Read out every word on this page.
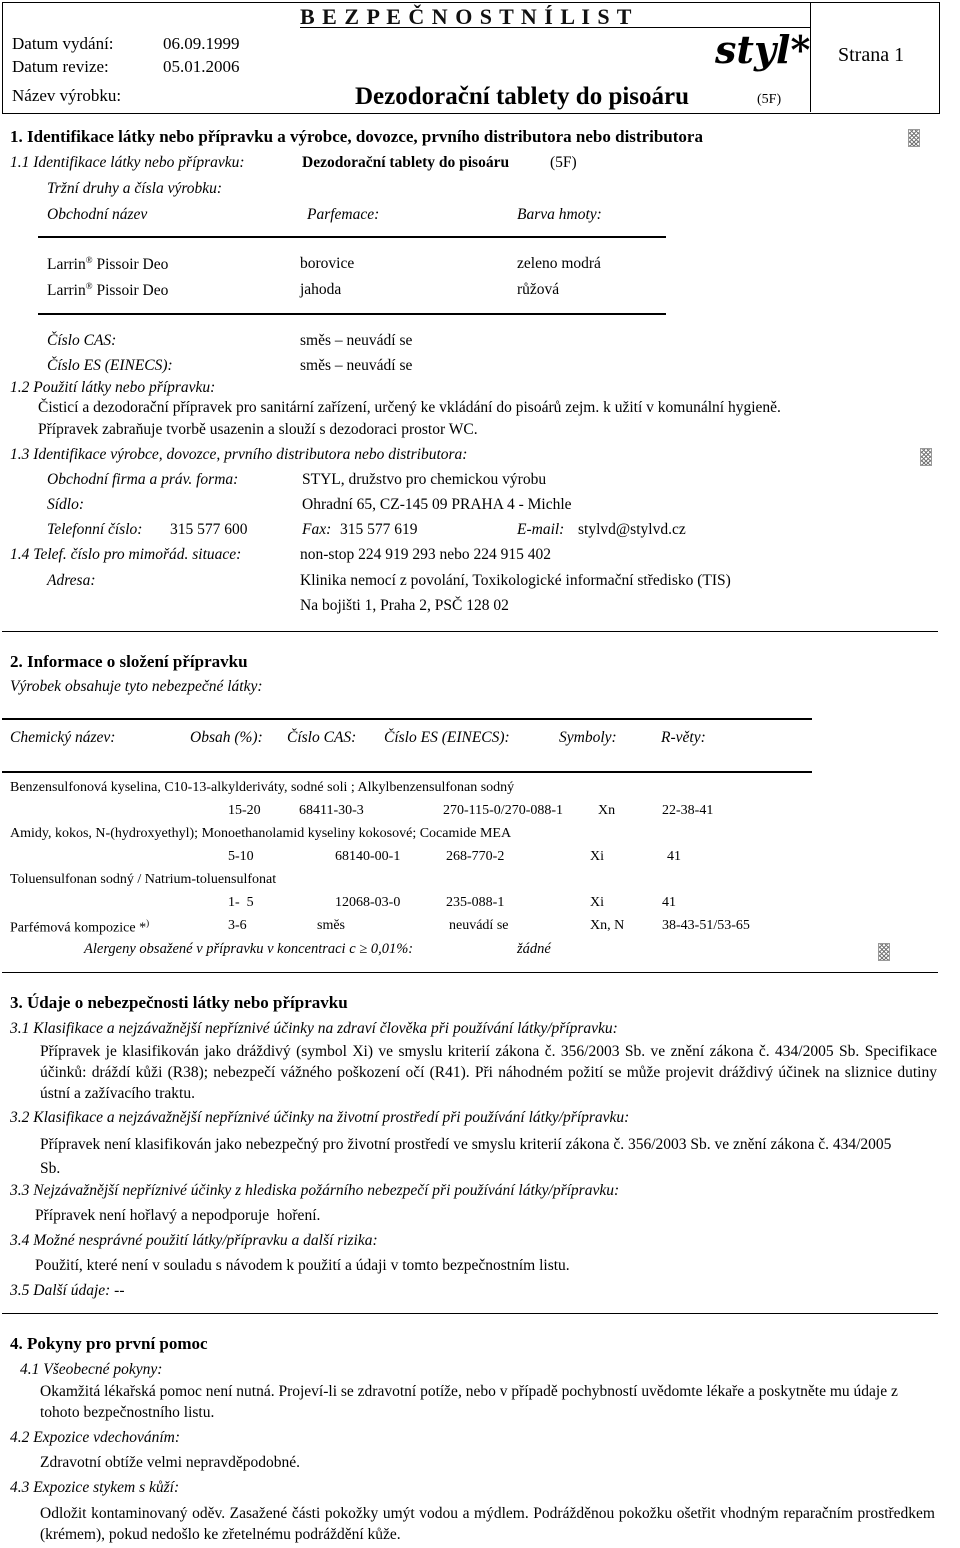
B E Z P E Č N O S T N Í L I S T
Datum vydání:	06.09.1999
Datum revize:	05.01.2006	styl* Strana 1
Název výrobku:	Dezodorační tablety do pisoáru	(5F)
1. Identifikace látky nebo přípravku a výrobce, dovozce, prvního distributora nebo distributora
1.1 Identifikace látky nebo přípravku:	Dezodorační tablety do pisoáru	(5F)
Tržní druhy a čísla výrobku:
Obchodní název	Parfemace:	Barva hmoty:
Larrin® Pissoir Deo	borovice	zeleno modrá
Larrin® Pissoir Deo	jahoda	růžová
Číslo CAS:	směs – neuvádí se
Číslo ES (EINECS):	směs – neuvádí se
1.2 Použití látky nebo přípravku:
Čisticí a dezodorační přípravek pro sanitární zařízení, určený ke vkládání do pisoárů zejm. k užití v komunální hygieně.
Přípravek zabraňuje tvorbě usazenin a slouží s dezodoraci prostor WC.
1.3 Identifikace výrobce, dovozce, prvního distributora nebo distributora:
Obchodní firma a práv. forma:	STYL, družstvo pro chemickou výrobu
Sídlo:	Ohradní 65, CZ-145 09 PRAHA 4 - Michle
Telefonní číslo: 315 577 600	Fax: 315 577 619	E-mail: stylvd@stylvd.cz
1.4 Telef. číslo pro mimořád. situace:	non-stop 224 919 293 nebo 224 915 402
Adresa:	Klinika nemocí z povolání, Toxikologické informační středisko (TIS)
Na bojišti 1, Praha 2, PSČ 128 02
2. Informace o složení přípravku
Výrobek obsahuje tyto nebezpečné látky:
Chemický název:	Obsah (%): Číslo CAS: Číslo ES (EINECS):	Symboly:	R-věty:
Benzensulfonová kyselina, C10-13-alkylderiváty, sodné soli ; Alkylbenzensulfonan sodný
15-20	68411-30-3	270-115-0/270-088-1 Xn	22-38-41
Amidy, kokos, N-(hydroxyethyl); Monoethanolamid kyseliny kokosové; Cocamide MEA
5-10	68140-00-1	268-770-2	Xi	41
Toluensulfonan sodný / Natrium-toluensulfonat
1-  5	12068-03-0	235-088-1	Xi	41
Parfémová kompozice *)	3-6	směs	neuvádí se	Xn, N	38-43-51/53-65
Alergeny obsažené v přípravku v koncentraci c ≥ 0,01%:	žádné
3. Údaje o nebezpečnosti látky nebo přípravku
3.1 Klasifikace a nejzávažnější nepříznivé účinky na zdraví člověka při používání látky/přípravku:
Přípravek je klasifikován jako dráždivý (symbol Xi) ve smyslu kriterií zákona č. 356/2003 Sb. ve znění zákona č. 434/2005 Sb. Specifikace účinků: dráždí kůži (R38); nebezpečí vážného poškození očí (R41). Při náhodném požití se může projevit dráždivý účinek na sliznice dutiny ústní a zažívacího traktu.
3.2 Klasifikace a nejzávažnější nepříznivé účinky na životní prostředí při používání látky/přípravku:
Přípravek není klasifikován jako nebezpečný pro životní prostředí ve smyslu kriterií zákona č. 356/2003 Sb. ve znění zákona č. 434/2005 Sb.
3.3 Nejzávažnější nepříznivé účinky z hlediska požárního nebezpečí při používání látky/přípravku:
Přípravek není hořlavý a nepodporuje  hoření.
3.4 Možné nesprávné použití látky/přípravku a další rizika:
Použití, které není v souladu s návodem k použití a údaji v tomto bezpečnostním listu.
3.5 Další údaje: --
4. Pokyny pro první pomoc
4.1 Všeobecné pokyny:
Okamžitá lékařská pomoc není nutná. Projeví-li se zdravotní potíže, nebo v případě pochybností uvědomte lékaře a poskytněte mu údaje z tohoto bezpečnostního listu.
4.2 Expozice vdechováním:
Zdravotní obtíže velmi nepravděpodobné.
4.3 Expozice stykem s kůží:
Odložit kontaminovaný oděv. Zasažené části pokožky umýt vodou a mýdlem. Podrážděnou pokožku ošetřit vhodným reparačním prostředkem (krémem), pokud nedošlo ke zřetelnému podráždění kůže.
